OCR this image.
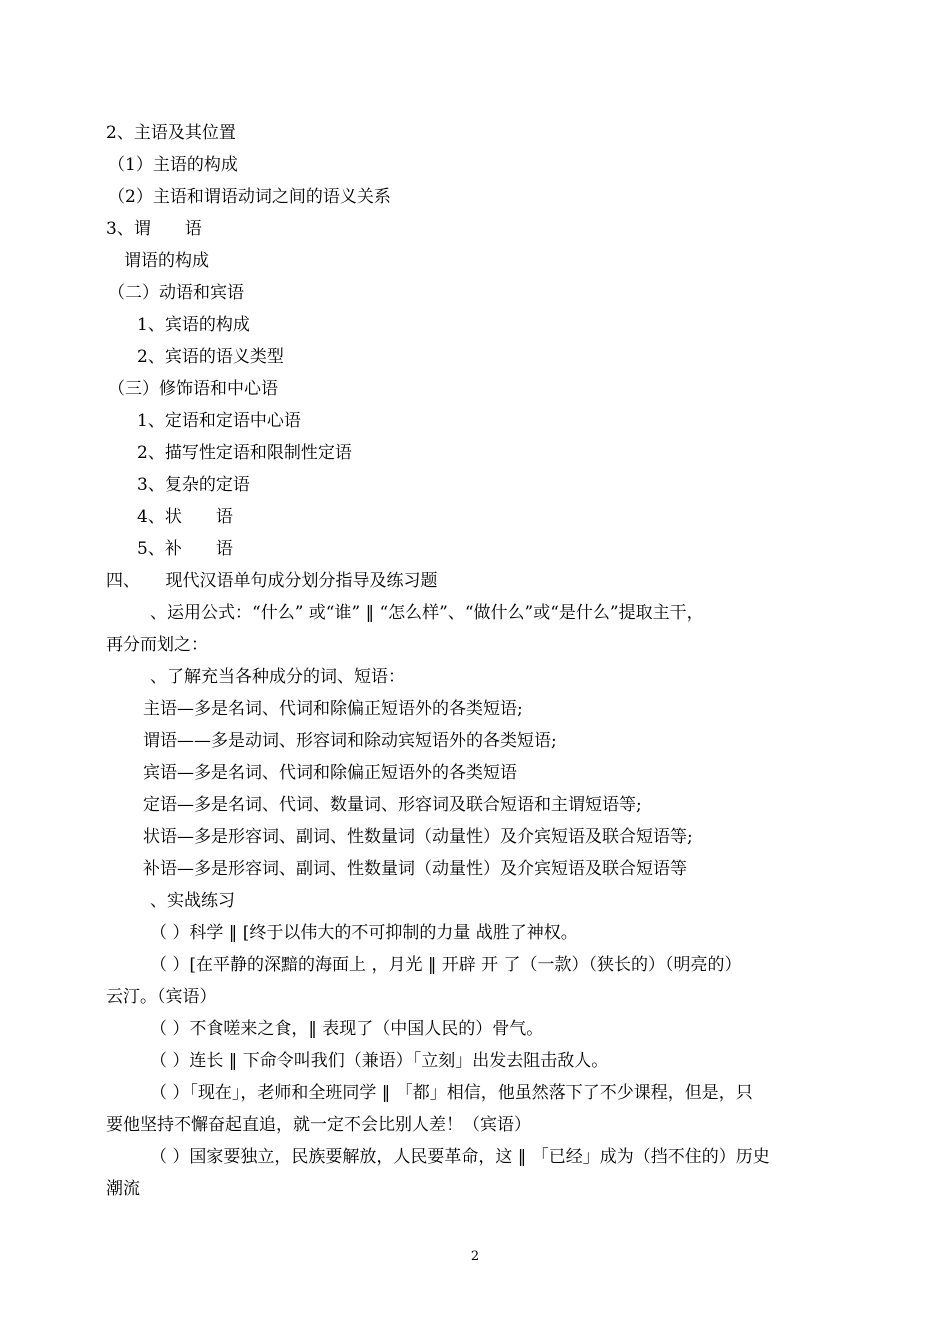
2、主语及其位置
（1）主语的构成
（2）主语和谓语动词之间的语义关系
3、谓　　语
谓语的构成
（二）动语和宾语
1、宾语的构成
2、宾语的语义类型
（三）修饰语和中心语
1、定语和定语中心语
2、描写性定语和限制性定语
3、复杂的定语
4、状　　语
5、补　　语
四、　　现代汉语单句成分划分指导及练习题
、运用公式：“什么” 或“谁” ‖ “怎么样”、“做什么”或“是什么”提取主干，
再分而划之：
、了解充当各种成分的词、短语：
主语—多是名词、代词和除偏正短语外的各类短语;
谓语——多是动词、形容词和除动宾短语外的各类短语;
宾语—多是名词、代词和除偏正短语外的各类短语
定语—多是名词、代词、数量词、形容词及联合短语和主谓短语等;
状语—多是形容词、副词、性数量词（动量性）及介宾短语及联合短语等;
补语—多是形容词、副词、性数量词（动量性）及介宾短语及联合短语等
、实战练习
（ ）科学 ‖ [终于以伟大的不可抑制的力量 战胜了神权。
（ ）[在平静的深黯的海面上 ，月光 ‖ 开辟 开 了（一款）（狭长的）（明亮的）
云汀。（宾语）
（ ）不食嗟来之食，‖ 表现了（中国人民的）骨气。
（ ）连长 ‖ 下命令叫我们（兼语）「立刻」出发去阻击敌人。
（ ）「现在」，老师和全班同学 ‖ 「都」相信，他虽然落下了不少课程，但是，只
要他坚持不懈奋起直追，就一定不会比别人差！（宾语）
（ ）国家要独立，民族要解放，人民要革命，这 ‖ 「已经」成为（挡不住的）历史
潮流
2
